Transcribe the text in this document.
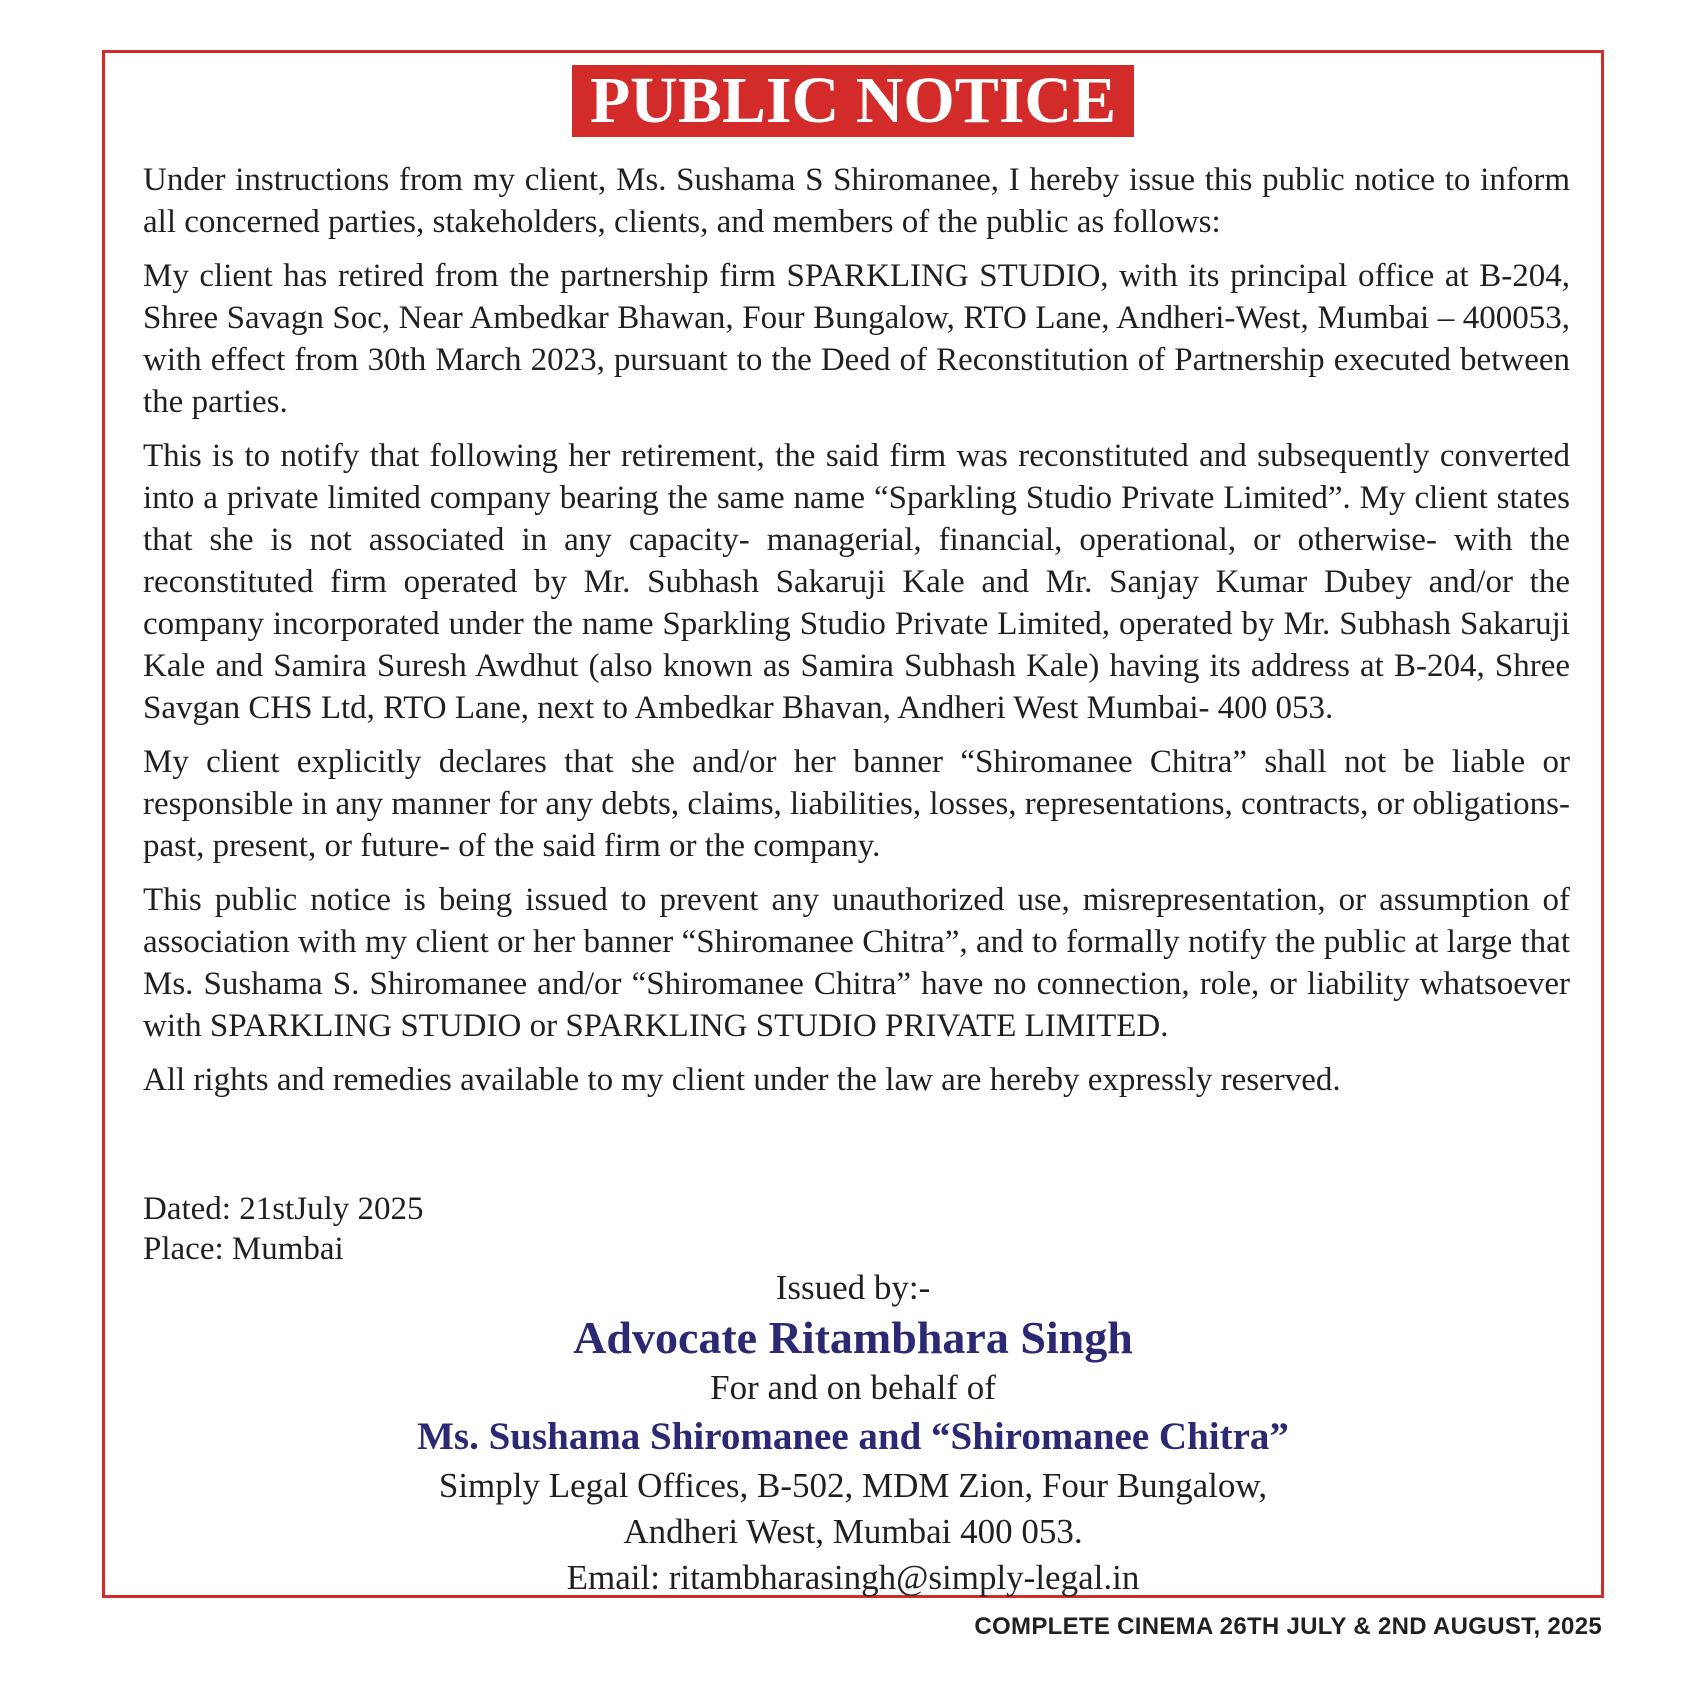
PUBLIC NOTICE

Under instructions from my client, Ms. Sushama S Shiromanee, I hereby issue this public notice to inform all concerned parties, stakeholders, clients, and members of the public as follows:

My client has retired from the partnership firm SPARKLING STUDIO, with its principal office at B-204, Shree Savagn Soc, Near Ambedkar Bhawan, Four Bungalow, RTO Lane, Andheri-West, Mumbai – 400053, with effect from 30th March 2023, pursuant to the Deed of Reconstitution of Partnership executed between the parties.

This is to notify that following her retirement, the said firm was reconstituted and subsequently converted into a private limited company bearing the same name “Sparkling Studio Private Limited”. My client states that she is not associated in any capacity- managerial, financial, operational, or otherwise- with the reconstituted firm operated by Mr. Subhash Sakaruji Kale and Mr. Sanjay Kumar Dubey and/or the company incorporated under the name Sparkling Studio Private Limited, operated by Mr. Subhash Sakaruji Kale and Samira Suresh Awdhut (also known as Samira Subhash Kale) having its address at B-204, Shree Savgan CHS Ltd, RTO Lane, next to Ambedkar Bhavan, Andheri West Mumbai- 400 053.

My client explicitly declares that she and/or her banner “Shiromanee Chitra” shall not be liable or responsible in any manner for any debts, claims, liabilities, losses, representations, contracts, or obligations- past, present, or future- of the said firm or the company.

This public notice is being issued to prevent any unauthorized use, misrepresentation, or assumption of association with my client or her banner “Shiromanee Chitra”, and to formally notify the public at large that Ms. Sushama S. Shiromanee and/or “Shiromanee Chitra” have no connection, role, or liability whatsoever with SPARKLING STUDIO or SPARKLING STUDIO PRIVATE LIMITED.

All rights and remedies available to my client under the law are hereby expressly reserved.

Dated: 21stJuly 2025
Place: Mumbai
Issued by:-
Advocate Ritambhara Singh
For and on behalf of
Ms. Sushama Shiromanee and “Shiromanee Chitra”
Simply Legal Offices, B-502, MDM Zion, Four Bungalow,
Andheri West, Mumbai 400 053.
Email: ritambharasingh@simply-legal.in
COMPLETE CINEMA 26TH JULY & 2ND AUGUST, 2025
